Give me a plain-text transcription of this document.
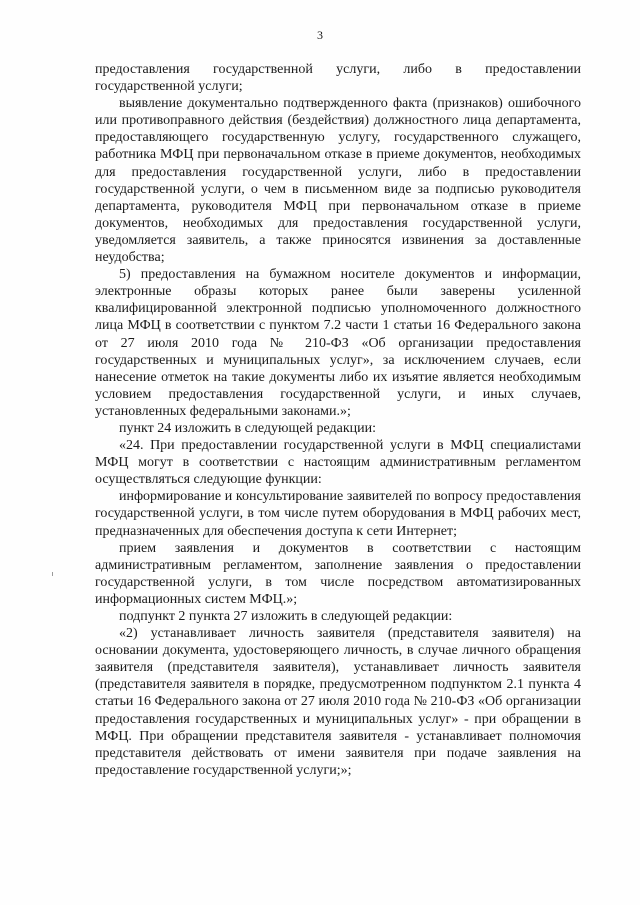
3

предоставления государственной услуги, либо в предоставлении государственной услуги;

выявление документально подтвержденного факта (признаков) ошибочного или противоправного действия (бездействия) должностного лица департамента, предоставляющего государственную услугу, государственного служащего, работника МФЦ при первоначальном отказе в приеме документов, необходимых для предоставления государственной услуги, либо в предоставлении государственной услуги, о чем в письменном виде за подписью руководителя департамента, руководителя МФЦ при первоначальном отказе в приеме документов, необходимых для предоставления государственной услуги, уведомляется заявитель, а также приносятся извинения за доставленные неудобства;

5) предоставления на бумажном носителе документов и информации, электронные образы которых ранее были заверены усиленной квалифицированной электронной подписью уполномоченного должностного лица МФЦ в соответствии с пунктом 7.2 части 1 статьи 16 Федерального закона от 27 июля 2010 года № 210-ФЗ «Об организации предоставления государственных и муниципальных услуг», за исключением случаев, если нанесение отметок на такие документы либо их изъятие является необходимым условием предоставления государственной услуги, и иных случаев, установленных федеральными законами.»;

пункт 24 изложить в следующей редакции:

«24. При предоставлении государственной услуги в МФЦ специалистами МФЦ могут в соответствии с настоящим административным регламентом осуществляться следующие функции:

информирование и консультирование заявителей по вопросу предоставления государственной услуги, в том числе путем оборудования в МФЦ рабочих мест, предназначенных для обеспечения доступа к сети Интернет;

прием заявления и документов в соответствии с настоящим административным регламентом, заполнение заявления о предоставлении государственной услуги, в том числе посредством автоматизированных информационных систем МФЦ.»;

подпункт 2 пункта 27 изложить в следующей редакции:

«2) устанавливает личность заявителя (представителя заявителя) на основании документа, удостоверяющего личность, в случае личного обращения заявителя (представителя заявителя), устанавливает личность заявителя (представителя заявителя в порядке, предусмотренном подпунктом 2.1 пункта 4 статьи 16 Федерального закона от 27 июля 2010 года № 210-ФЗ «Об организации предоставления государственных и муниципальных услуг» - при обращении в МФЦ. При обращении представителя заявителя - устанавливает полномочия представителя действовать от имени заявителя при подаче заявления на предоставление государственной услуги;»;
